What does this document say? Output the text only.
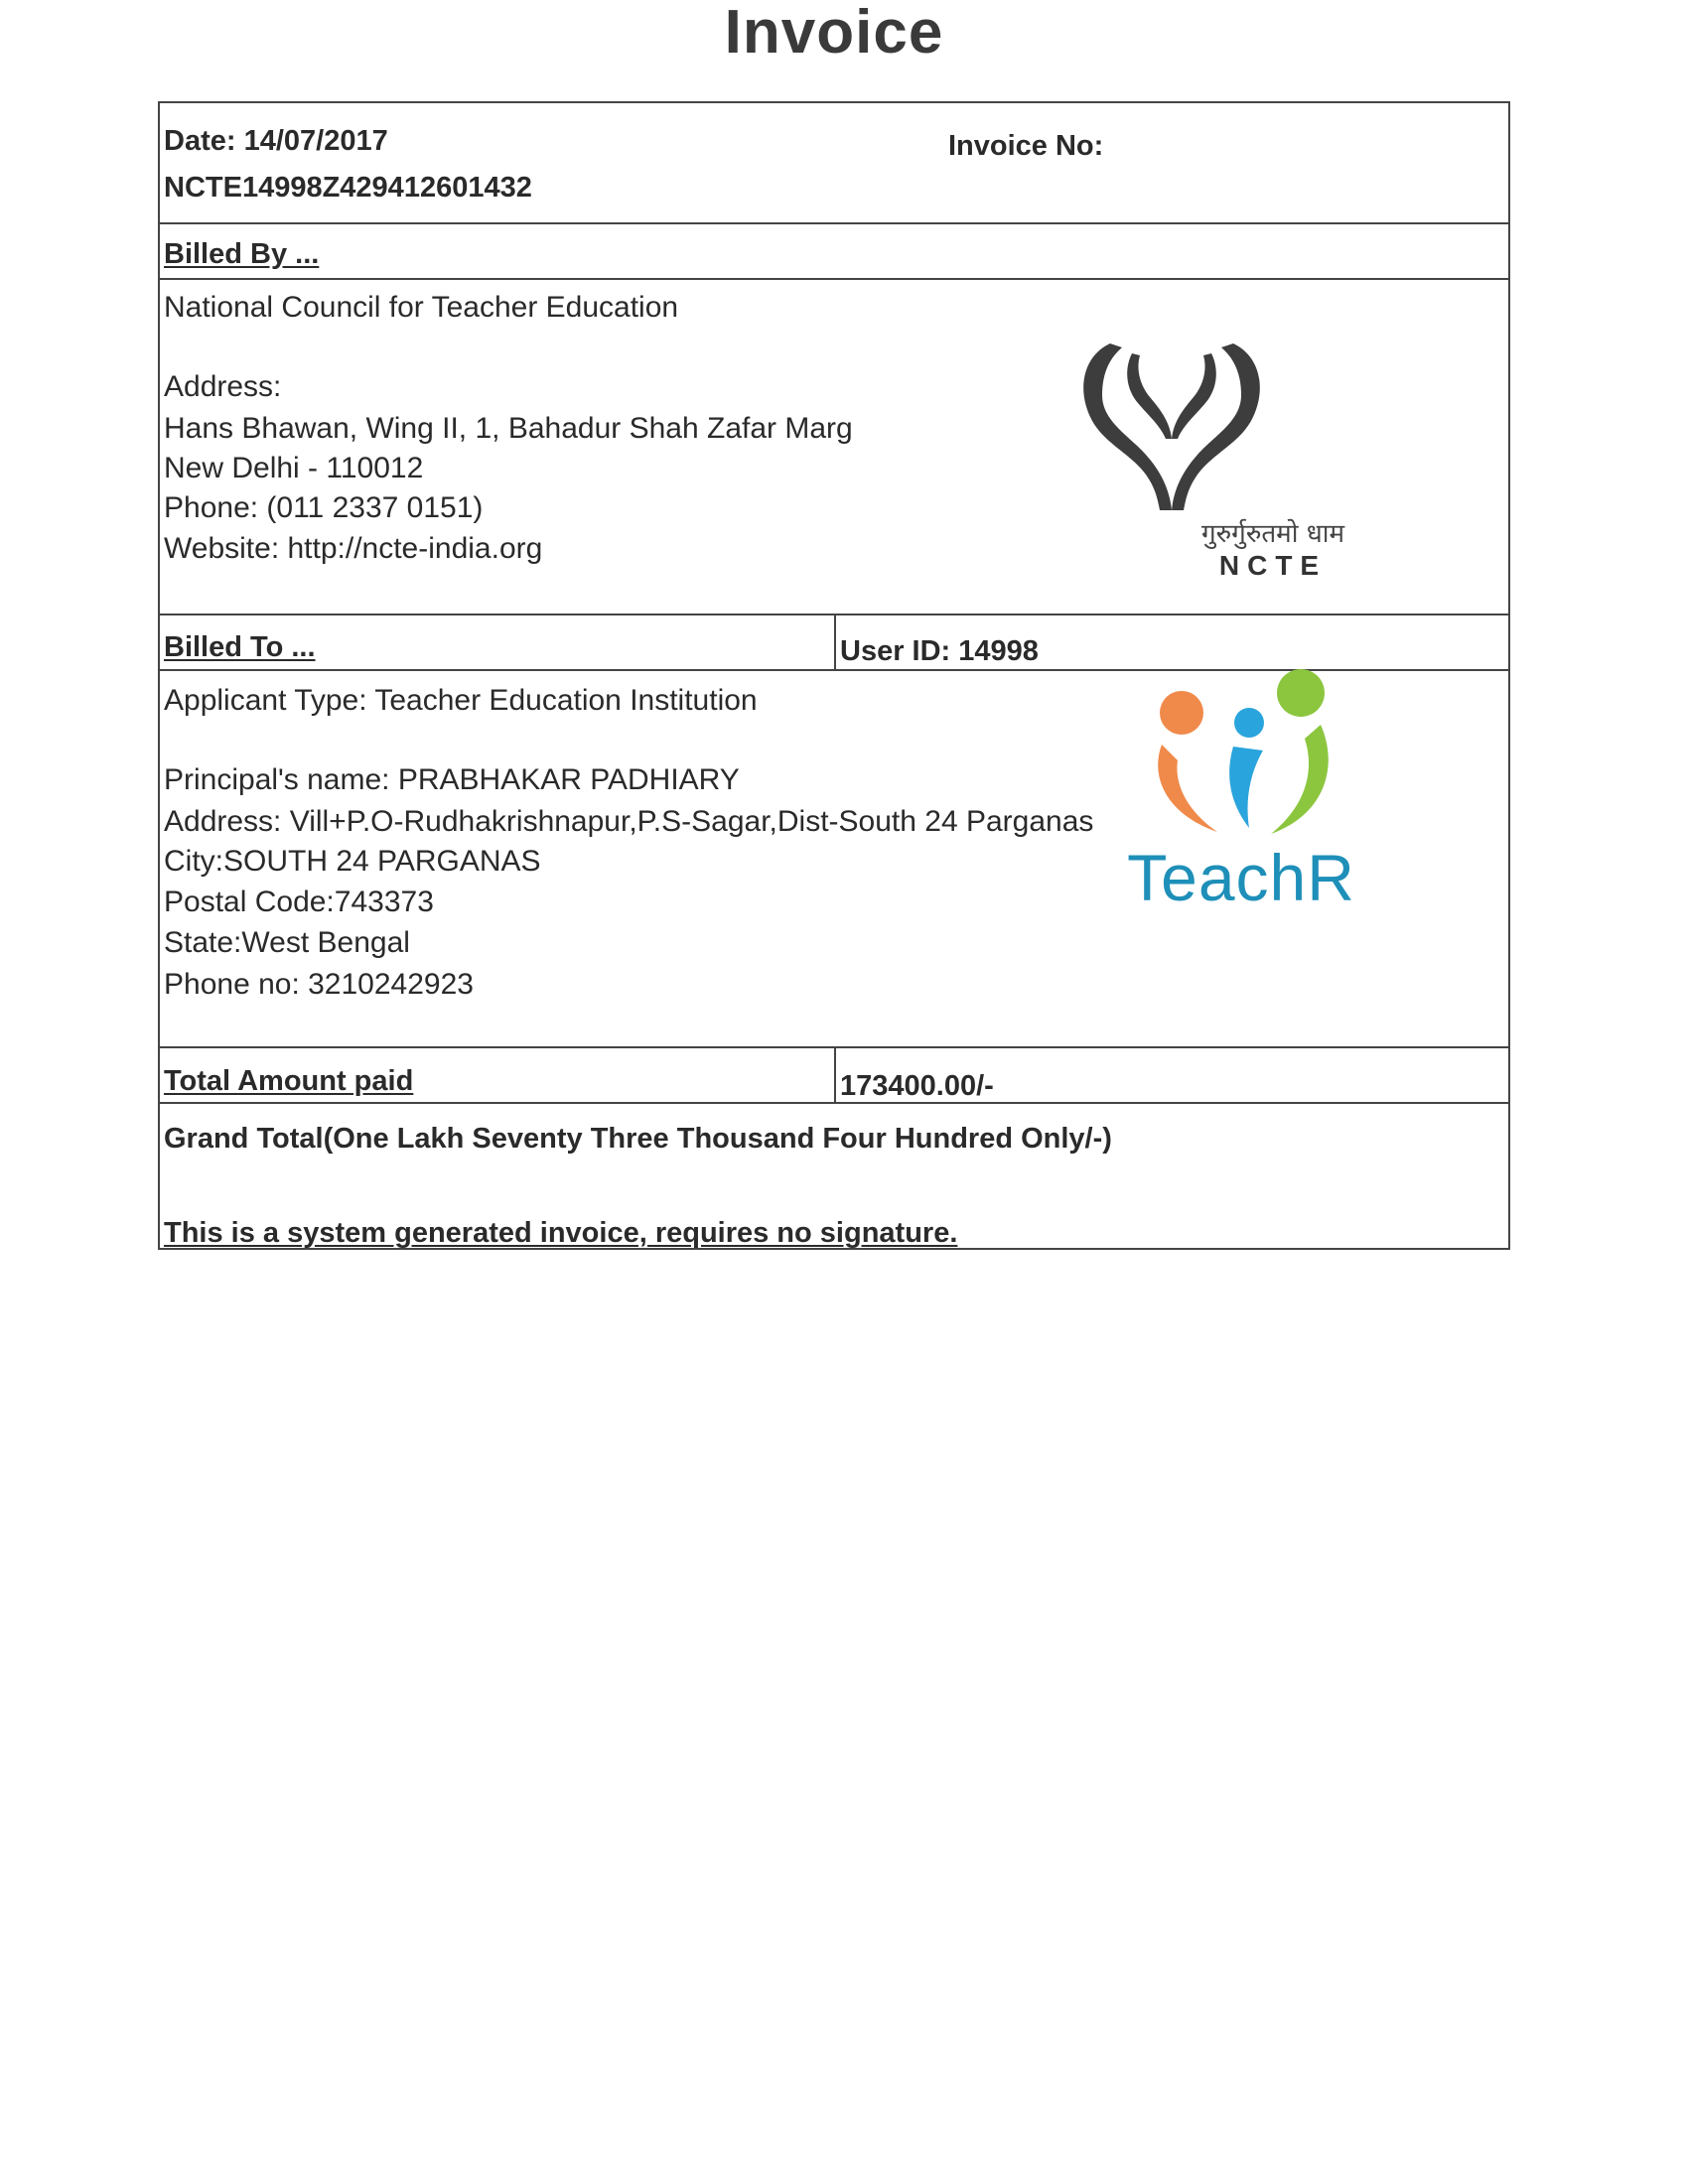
Invoice
Date: 14/07/2017
NCTE14998Z429412601432
Invoice No:
Billed By ...
National Council for Teacher Education
Address:
Hans Bhawan, Wing II, 1, Bahadur Shah Zafar Marg
New Delhi - 110012
Phone: (011 2337 0151)
Website: http://ncte-india.org	गुरुर्गुरुतमो धाम
NCTE
Billed To ...	User ID: 14998
Applicant Type: Teacher Education Institution
Principal's name: PRABHAKAR PADHIARY
Address: Vill+P.O-Rudhakrishnapur,P.S-Sagar,Dist-South 24 Parganas
City:SOUTH 24 PARGANAS
Postal Code:743373
State:West Bengal
Phone no: 3210242923
TeachR
Total Amount paid	173400.00/-
Grand Total(One Lakh Seventy Three Thousand Four Hundred Only/-)
This is a system generated invoice, requires no signature.
